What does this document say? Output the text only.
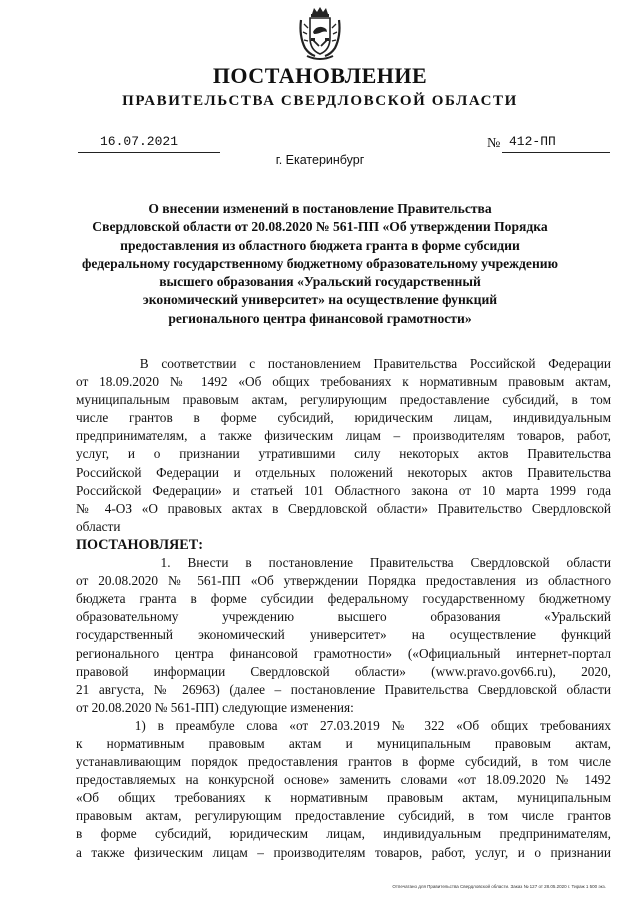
ПОСТАНОВЛЕНИЕ
ПРАВИТЕЛЬСТВА СВЕРДЛОВСКОЙ ОБЛАСТИ
16.07.2021	№ 412-ПП
г. Екатеринбург
О внесении изменений в постановление Правительства
Свердловской области от 20.08.2020 № 561-ПП «Об утверждении Порядка
предоставления из областного бюджета гранта в форме субсидии
федеральному государственному бюджетному образовательному учреждению
высшего образования «Уральский государственный
экономический университет» на осуществление функций
регионального центра финансовой грамотности»
В соответствии с постановлением Правительства Российской Федерации
от 18.09.2020 № 1492 «Об общих требованиях к нормативным правовым актам,
муниципальным правовым актам, регулирующим предоставление субсидий, в том
числе грантов в форме субсидий, юридическим лицам, индивидуальным
предпринимателям, а также физическим лицам – производителям товаров, работ,
услуг, и о признании утратившими силу некоторых актов Правительства
Российской Федерации и отдельных положений некоторых актов Правительства
Российской Федерации» и статьей 101 Областного закона от 10 марта 1999 года
№ 4-ОЗ «О правовых актах в Свердловской области» Правительство Свердловской
области
ПОСТАНОВЛЯЕТ:
1. Внести в постановление Правительства Свердловской области
от 20.08.2020 № 561-ПП «Об утверждении Порядка предоставления из областного
бюджета гранта в форме субсидии федеральному государственному бюджетному
образовательному учреждению высшего образования «Уральский
государственный экономический университет» на осуществление функций
регионального центра финансовой грамотности» («Официальный интернет-портал
правовой информации Свердловской области» (www.pravo.gov66.ru), 2020,
21 августа, № 26963) (далее – постановление Правительства Свердловской области
от 20.08.2020 № 561-ПП) следующие изменения:
1) в преамбуле слова «от 27.03.2019 № 322 «Об общих требованиях
к нормативным правовым актам и муниципальным правовым актам,
устанавливающим порядок предоставления грантов в форме субсидий, в том числе
предоставляемых на конкурсной основе» заменить словами «от 18.09.2020 № 1492
«Об общих требованиях к нормативным правовым актам, муниципальным
правовым актам, регулирующим предоставление субсидий, в том числе грантов
в форме субсидий, юридическим лицам, индивидуальным предпринимателям,
а также физическим лицам – производителям товаров, работ, услуг, и о признании
Отпечатано для Правительства Свердловской области. Заказ № 127 от 28.05.2020 г. Тираж 1 500 экз.
